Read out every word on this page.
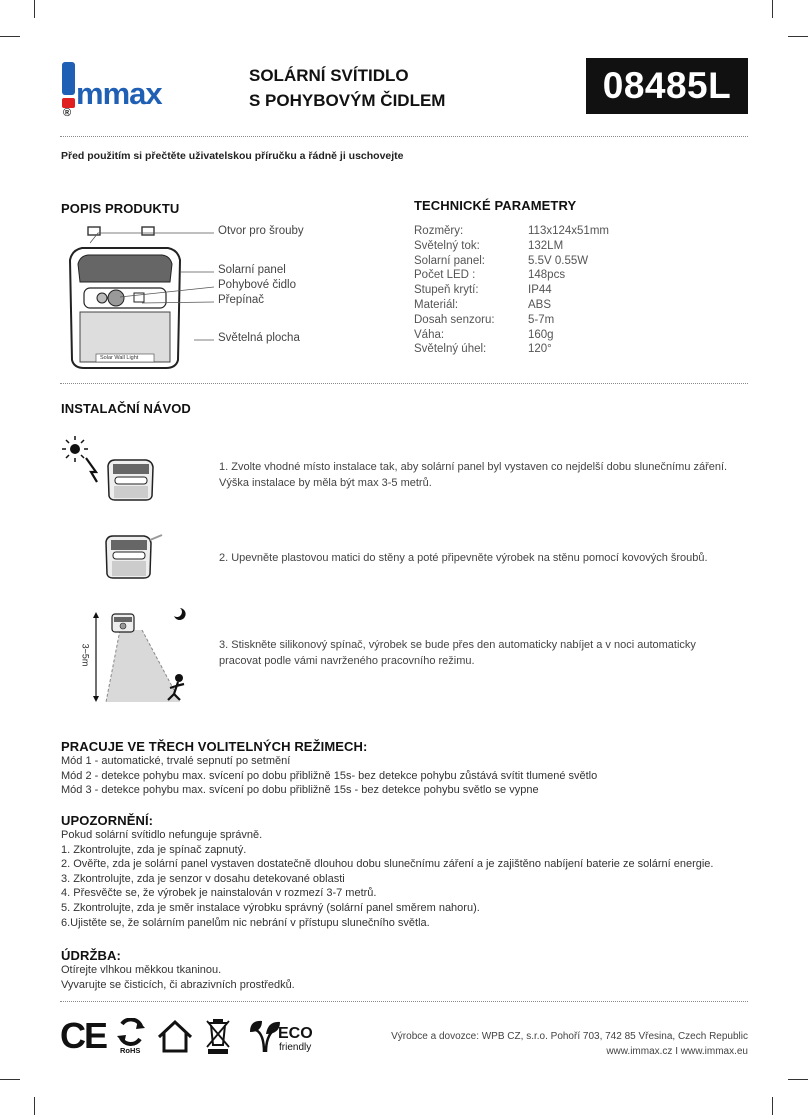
mmax
®
SOLÁRNÍ SVÍTIDLO
S POHYBOVÝM ČIDLEM	08485L
Před použitím si přečtěte uživatelskou příručku a řádně ji uschovejte
POPIS PRODUKTU
Solar Wall Light
Otvor pro šrouby
Solarní panel
Pohybové čidlo
Přepínač
Světelná plocha
TECHNICKÉ PARAMETRY
Rozměry:	113x124x51mm
Světelný tok:	132LM
Solarní panel:	5.5V 0.55W
Počet LED :	148pcs
Stupeň krytí:	IP44
Materiál:	ABS
Dosah senzoru:	5-7m
Váha:	160g
Světelný úhel:	120°
INSTALAČNÍ NÁVOD
1. Zvolte vhodné místo instalace tak, aby solární panel byl vystaven co nejdelší dobu slunečnímu záření.
Výška instalace by měla být max 3-5 metrů.
2. Upevněte plastovou matici do stěny a poté připevněte výrobek na stěnu pomocí kovových šroubů.
3~5m	3. Stiskněte silikonový spínač, výrobek se bude přes den automaticky nabíjet a v noci automaticky
pracovat podle vámi navrženého pracovního režimu.
PRACUJE VE TŘECH VOLITELNÝCH REŽIMECH:
Mód 1 - automatické, trvalé sepnutí po setmění
Mód 2 - detekce pohybu max. svícení po dobu přibližně 15s- bez detekce pohybu zůstává svítit tlumené světlo
Mód 3 - detekce pohybu max. svícení po dobu přibližně 15s - bez detekce pohybu světlo se vypne
UPOZORNĚNÍ:
Pokud solární svítidlo nefunguje správně.
1. Zkontrolujte, zda je spínač zapnutý.
2. Ověřte, zda je solární panel vystaven dostatečně dlouhou dobu slunečnímu záření a je zajištěno nabíjení baterie ze solární energie.
3. Zkontrolujte, zda je senzor v dosahu detekované oblasti
4. Přesvěčte se, že výrobek je nainstalován v rozmezí 3-7 metrů.
5. Zkontrolujte, zda je směr instalace výrobku správný (solární panel směrem nahoru).
6.Ujistěte se, že solárním panelům nic nebrání v přístupu slunečního světla.
ÚDRŽBA:
Otírejte vlhkou měkkou tkaninou.
Vyvarujte se čisticích, či abrazivních prostředků.
CE RoHS
ECO
friendly
Výrobce a dovozce: WPB CZ, s.r.o. Pohoří 703, 742 85 Vřesina, Czech Republic
www.immax.cz I www.immax.eu
